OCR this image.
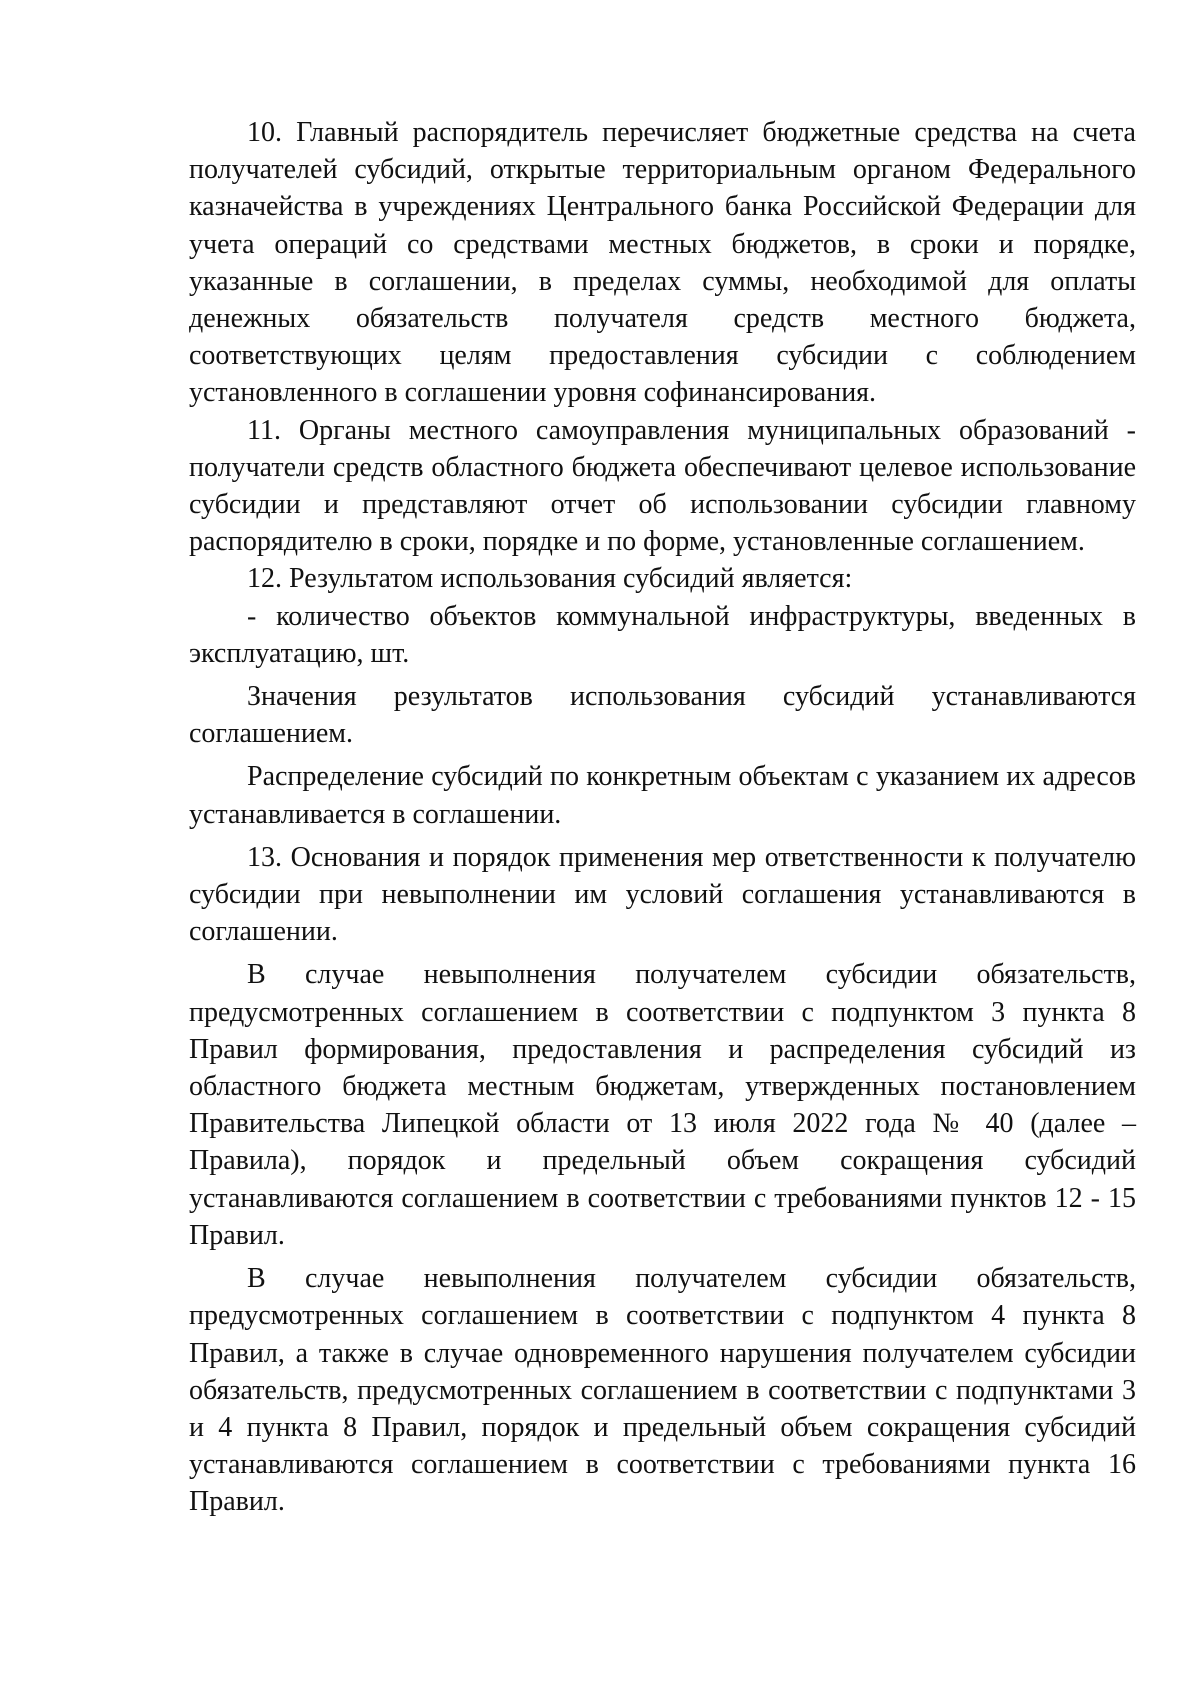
10. Главный распорядитель перечисляет бюджетные средства на счета получателей субсидий, открытые территориальным органом Федерального казначейства в учреждениях Центрального банка Российской Федерации для учета операций со средствами местных бюджетов, в сроки и порядке, указанные в соглашении, в пределах суммы, необходимой для оплаты денежных обязательств получателя средств местного бюджета, соответствующих целям предоставления субсидии с соблюдением установленного в соглашении уровня софинансирования.

11. Органы местного самоуправления муниципальных образований - получатели средств областного бюджета обеспечивают целевое использование субсидии и представляют отчет об использовании субсидии главному распорядителю в сроки, порядке и по форме, установленные соглашением.

12. Результатом использования субсидий является:

- количество объектов коммунальной инфраструктуры, введенных в эксплуатацию, шт.

Значения результатов использования субсидий устанавливаются соглашением.

Распределение субсидий по конкретным объектам с указанием их адресов устанавливается в соглашении.

13. Основания и порядок применения мер ответственности к получателю субсидии при невыполнении им условий соглашения устанавливаются в соглашении.

В случае невыполнения получателем субсидии обязательств, предусмотренных соглашением в соответствии с подпунктом 3 пункта 8 Правил формирования, предоставления и распределения субсидий из областного бюджета местным бюджетам, утвержденных постановлением Правительства Липецкой области от 13 июля 2022 года № 40 (далее – Правила), порядок и предельный объем сокращения субсидий устанавливаются соглашением в соответствии с требованиями пунктов 12 - 15 Правил.

В случае невыполнения получателем субсидии обязательств, предусмотренных соглашением в соответствии с подпунктом 4 пункта 8 Правил, а также в случае одновременного нарушения получателем субсидии обязательств, предусмотренных соглашением в соответствии с подпунктами 3 и 4 пункта 8 Правил, порядок и предельный объем сокращения субсидий устанавливаются соглашением в соответствии с требованиями пункта 16 Правил.
